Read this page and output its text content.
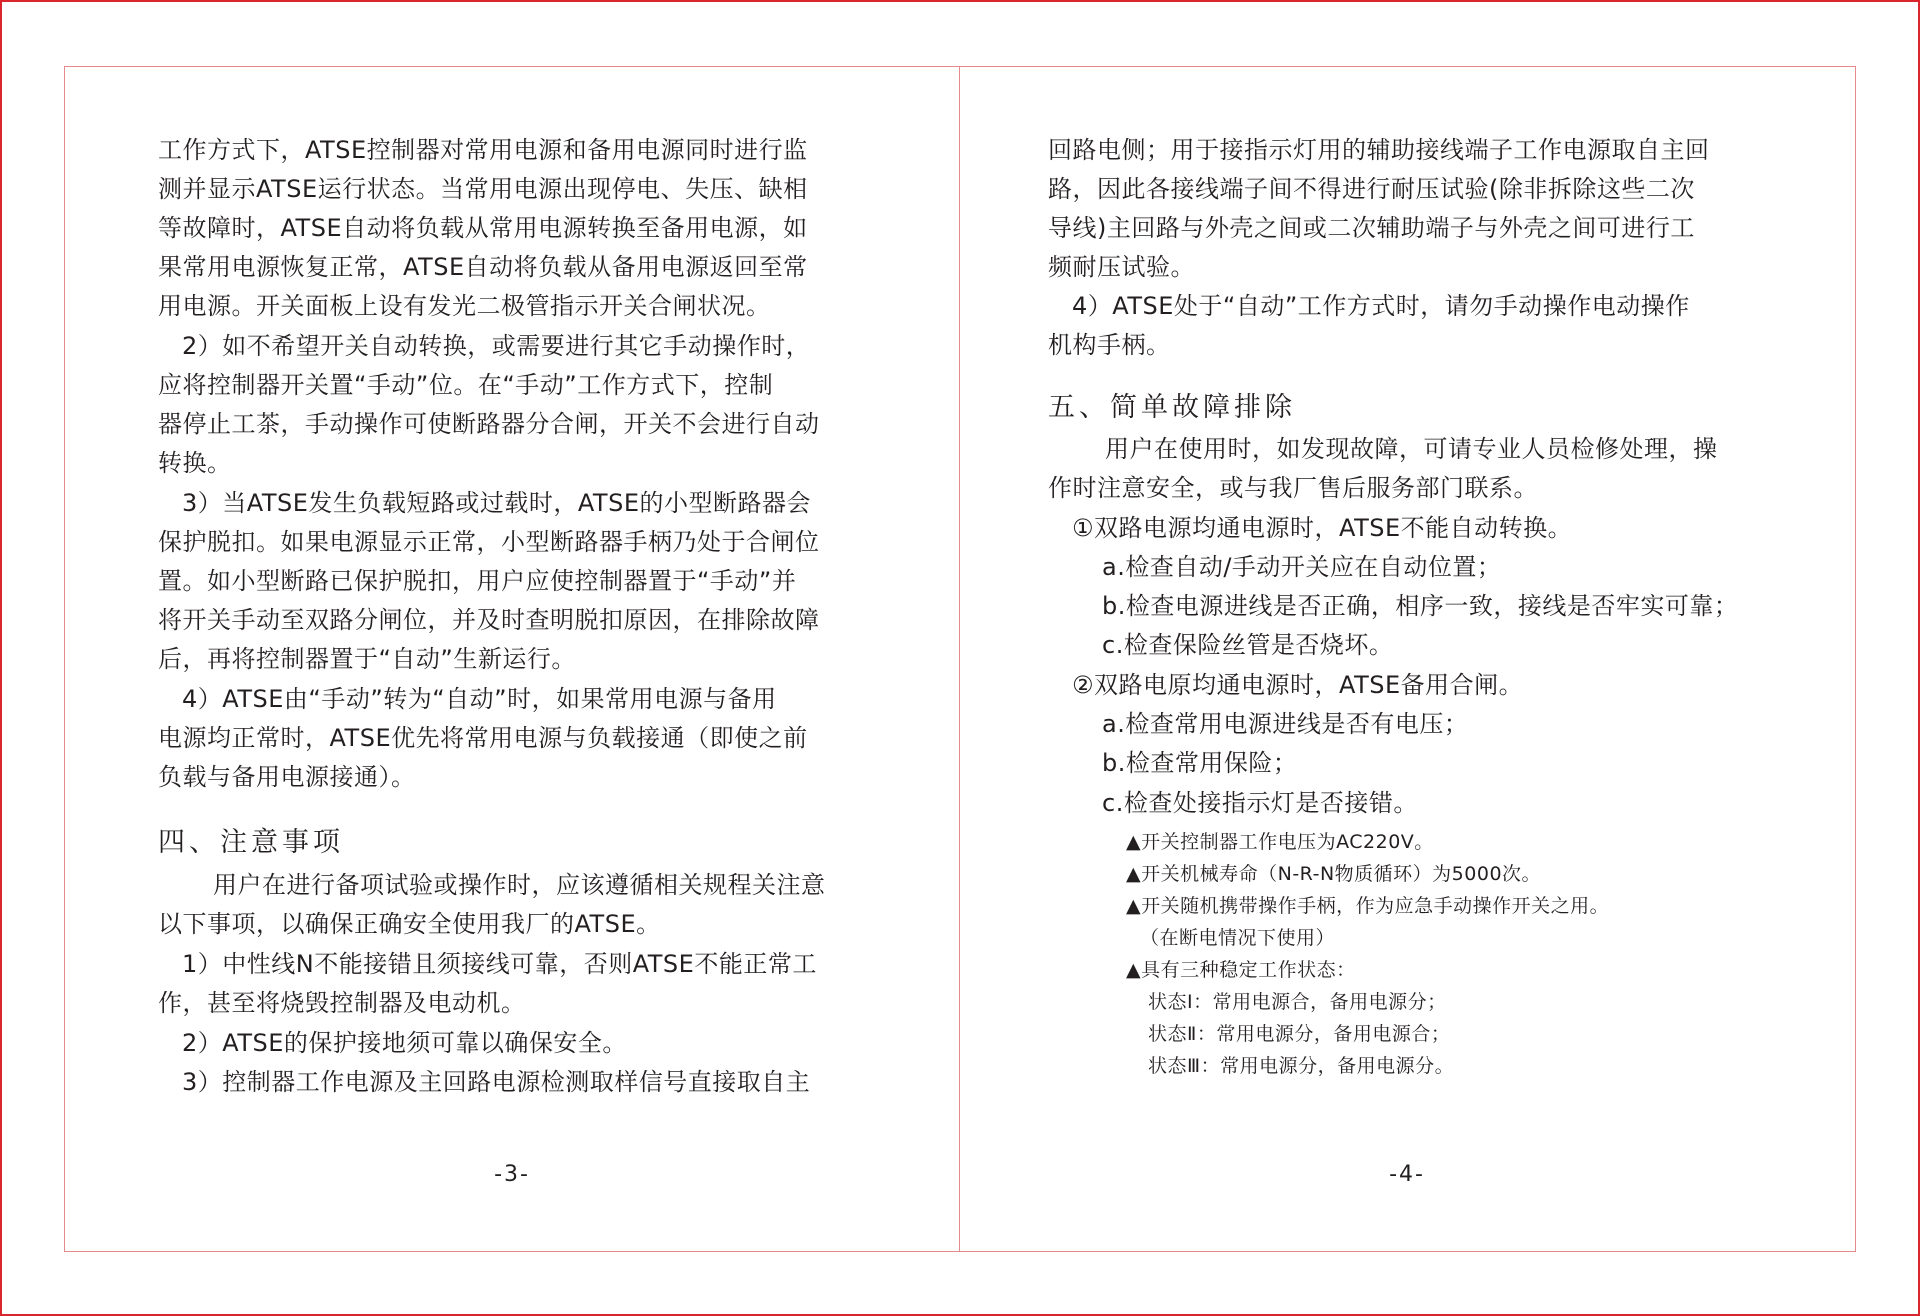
工作方式下，ATSE控制器对常用电源和备用电源同时进行监
测并显示ATSE运行状态。当常用电源出现停电、失压、缺相
等故障时，ATSE自动将负载从常用电源转换至备用电源，如
果常用电源恢复正常，ATSE自动将负载从备用电源返回至常
用电源。开关面板上设有发光二极管指示开关合闸状况。
2）如不希望开关自动转换，或需要进行其它手动操作时，
应将控制器开关置“手动”位。在“手动”工作方式下，控制
器停止工茶，手动操作可使断路器分合闸，开关不会进行自动
转换。
3）当ATSE发生负载短路或过载时，ATSE的小型断路器会
保护脱扣。如果电源显示正常，小型断路器手柄乃处于合闸位
置。如小型断路已保护脱扣，用户应使控制器置于“手动”并
将开关手动至双路分闸位，并及时查明脱扣原因，在排除故障
后，再将控制器置于“自动”生新运行。
4）ATSE由“手动”转为“自动”时，如果常用电源与备用
电源均正常时，ATSE优先将常用电源与负载接通（即使之前
负载与备用电源接通）。
四、注意事项
用户在进行备项试验或操作时，应该遵循相关规程关注意
以下事项，以确保正确安全使用我厂的ATSE。
1）中性线N不能接错且须接线可靠，否则ATSE不能正常工
作，甚至将烧毁控制器及电动机。
2）ATSE的保护接地须可靠以确保安全。
3）控制器工作电源及主回路电源检测取样信号直接取自主
-3-
回路电侧；用于接指示灯用的辅助接线端子工作电源取自主回
路，因此各接线端子间不得进行耐压试验(除非拆除这些二次
导线)主回路与外壳之间或二次辅助端子与外壳之间可进行工
频耐压试验。
4）ATSE处于“自动”工作方式时，请勿手动操作电动操作
机构手柄。
五、简单故障排除
用户在使用时，如发现故障，可请专业人员检修处理，操
作时注意安全，或与我厂售后服务部门联系。
①双路电源均通电源时，ATSE不能自动转换。
a.检查自动/手动开关应在自动位置；
b.检查电源进线是否正确，相序一致，接线是否牢实可靠；
c.检查保险丝管是否烧坏。
②双路电原均通电源时，ATSE备用合闸。
a.检查常用电源进线是否有电压；
b.检查常用保险；
c.检查处接指示灯是否接错。
▲开关控制器工作电压为AC220V。
▲开关机械寿命（N-R-N物质循环）为5000次。
▲开关随机携带操作手柄，作为应急手动操作开关之用。
（在断电情况下使用）
▲具有三种稳定工作状态：
状态Ⅰ：常用电源合，备用电源分；
状态Ⅱ：常用电源分，备用电源合；
状态Ⅲ：常用电源分，备用电源分。
-4-
